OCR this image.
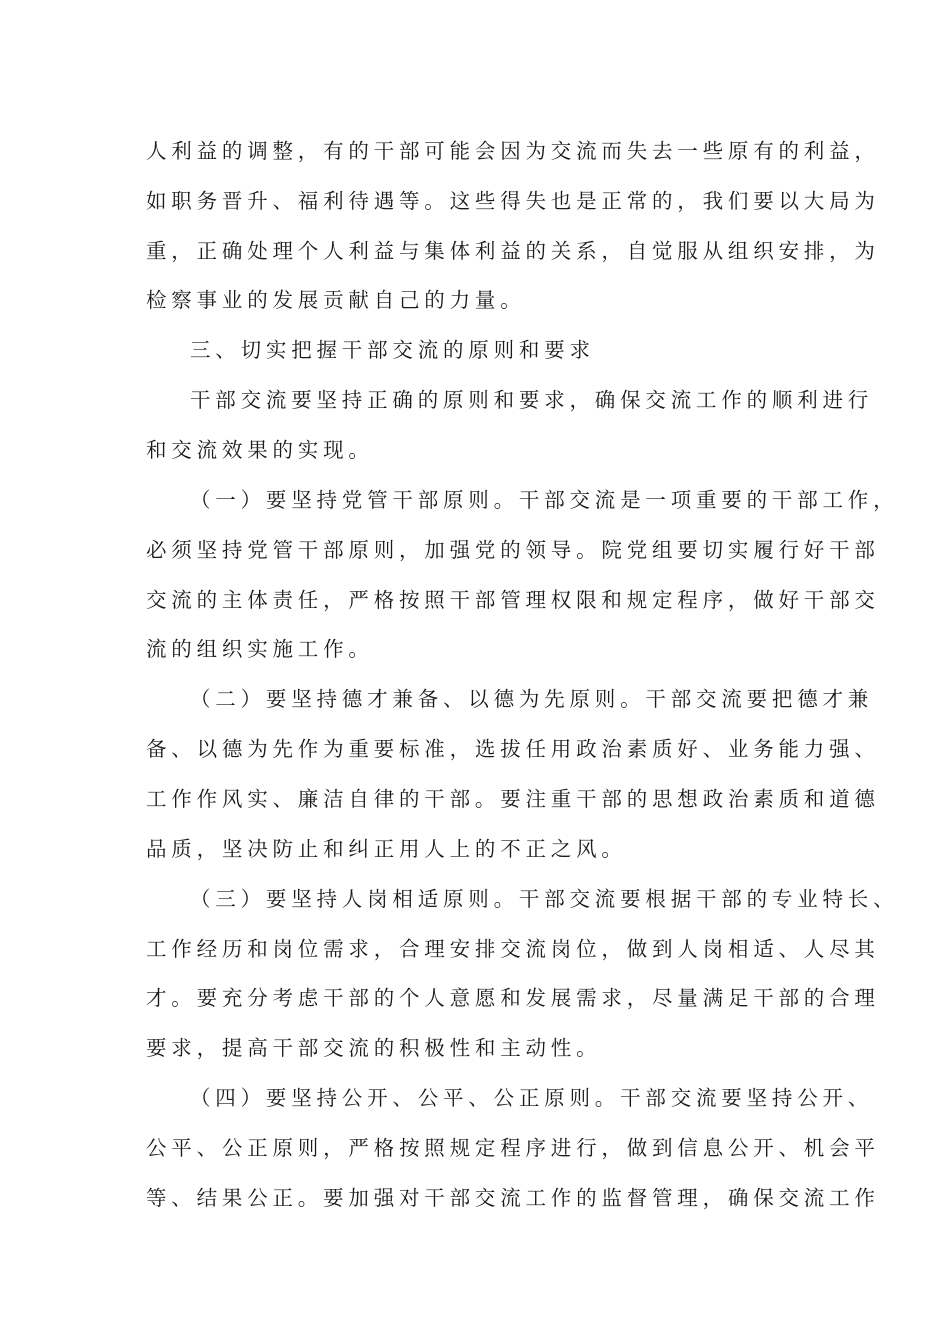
人利益的调整，有的干部可能会因为交流而失去一些原有的利益，
如职务晋升、福利待遇等。这些得失也是正常的，我们要以大局为
重，正确处理个人利益与集体利益的关系，自觉服从组织安排，为
检察事业的发展贡献自己的力量。
三、切实把握干部交流的原则和要求
干部交流要坚持正确的原则和要求，确保交流工作的顺利进行
和交流效果的实现。
（一）要坚持党管干部原则。干部交流是一项重要的干部工作，
必须坚持党管干部原则，加强党的领导。院党组要切实履行好干部
交流的主体责任，严格按照干部管理权限和规定程序，做好干部交
流的组织实施工作。
（二）要坚持德才兼备、以德为先原则。干部交流要把德才兼
备、以德为先作为重要标准，选拔任用政治素质好、业务能力强、
工作作风实、廉洁自律的干部。要注重干部的思想政治素质和道德
品质，坚决防止和纠正用人上的不正之风。
（三）要坚持人岗相适原则。干部交流要根据干部的专业特长、
工作经历和岗位需求，合理安排交流岗位，做到人岗相适、人尽其
才。要充分考虑干部的个人意愿和发展需求，尽量满足干部的合理
要求，提高干部交流的积极性和主动性。
（四）要坚持公开、公平、公正原则。干部交流要坚持公开、
公平、公正原则，严格按照规定程序进行，做到信息公开、机会平
等、结果公正。要加强对干部交流工作的监督管理，确保交流工作
